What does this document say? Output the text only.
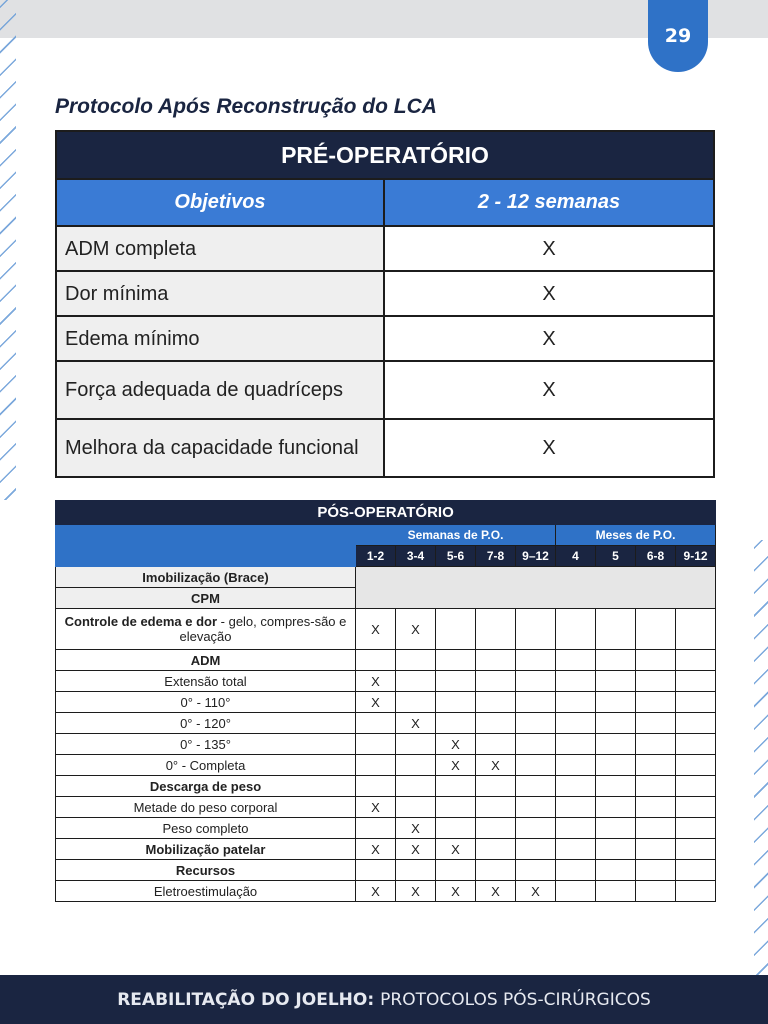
29
Protocolo Após Reconstrução do LCA
PRÉ-OPERATÓRIO	
Objetivos	2 - 12 semanas
ADM completa	X
Dor mínima	X
Edema mínimo	X
Força adequada de quadríceps	X
Melhora da capacidade funcional	X
PÓS-OPERATÓRIO									
	Semanas de P.O.					Meses de P.O.			
	1-2	3-4	5-6	7-8	9–12	4	5	6-8	9-12
Imobilização (Brace)									
CPM									
Controle de edema e dor - gelo, compres-são e elevação	X	X							
ADM									
Extensão total	X								
0° - 110°	X								
0° - 120°		X							
0° - 135°			X						
0° - Completa			X	X					
Descarga de peso									
Metade do peso corporal	X								
Peso completo		X							
Mobilização patelar	X	X	X						
Recursos									
Eletroestimulação	X	X	X	X	X				
REABILITAÇÃO DO JOELHO: PROTOCOLOS PÓS-CIRÚRGICOS
